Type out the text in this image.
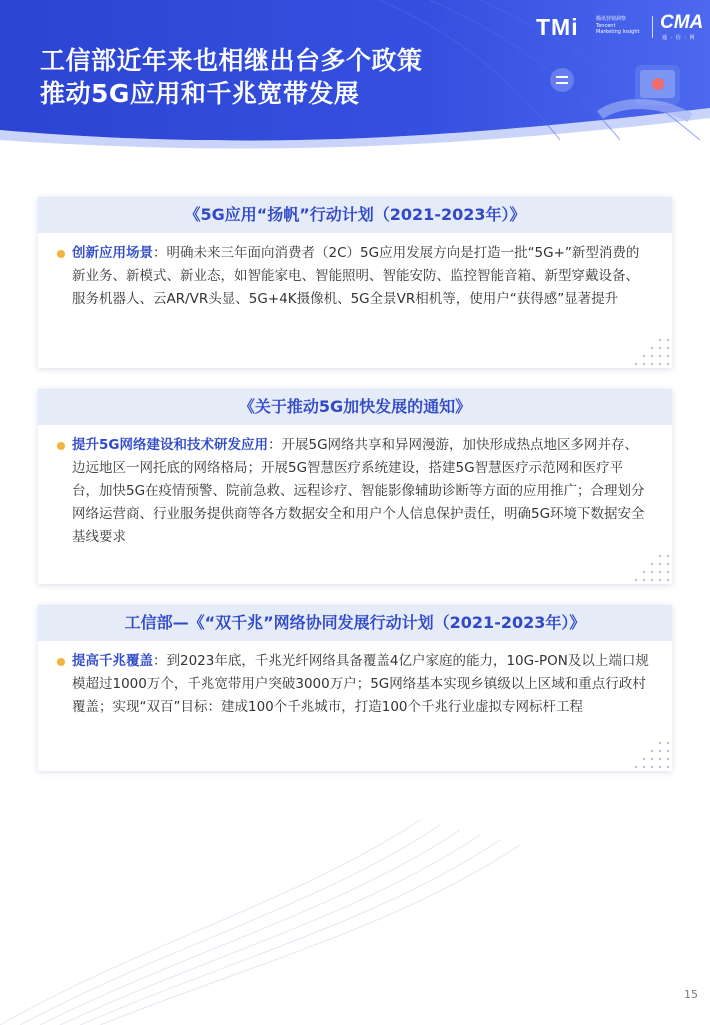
工信部近年来也相继出台多个政策
推动5G应用和千兆宽带发展
TMi	腾讯营销洞察
Tencent
Marketing Insight	CMA
通 · 信 · 网
《5G应用“扬帆”行动计划（2021-2023年）》
创新应用场景：明确未来三年面向消费者（2C）5G应用发展方向是打造一批“5G+”新型消费的新业务、新模式、新业态，如智能家电、智能照明、智能安防、监控智能音箱、新型穿戴设备、服务机器人、云AR/VR头显、5G+4K摄像机、5G全景VR相机等，使用户“获得感”显著提升
《关于推动5G加快发展的通知》
提升5G网络建设和技术研发应用：开展5G网络共享和异网漫游，加快形成热点地区多网并存、边远地区一网托底的网络格局；开展5G智慧医疗系统建设，搭建5G智慧医疗示范网和医疗平台，加快5G在疫情预警、院前急救、远程诊疗、智能影像辅助诊断等方面的应用推广；合理划分网络运营商、行业服务提供商等各方数据安全和用户个人信息保护责任，明确5G环境下数据安全基线要求
工信部—《“双千兆”网络协同发展行动计划（2021-2023年）》
提高千兆覆盖：到2023年底，千兆光纤网络具备覆盖4亿户家庭的能力，10G-PON及以上端口规模超过1000万个，千兆宽带用户突破3000万户；5G网络基本实现乡镇级以上区域和重点行政村覆盖；实现“双百”目标：建成100个千兆城市，打造100个千兆行业虚拟专网标杆工程
15
